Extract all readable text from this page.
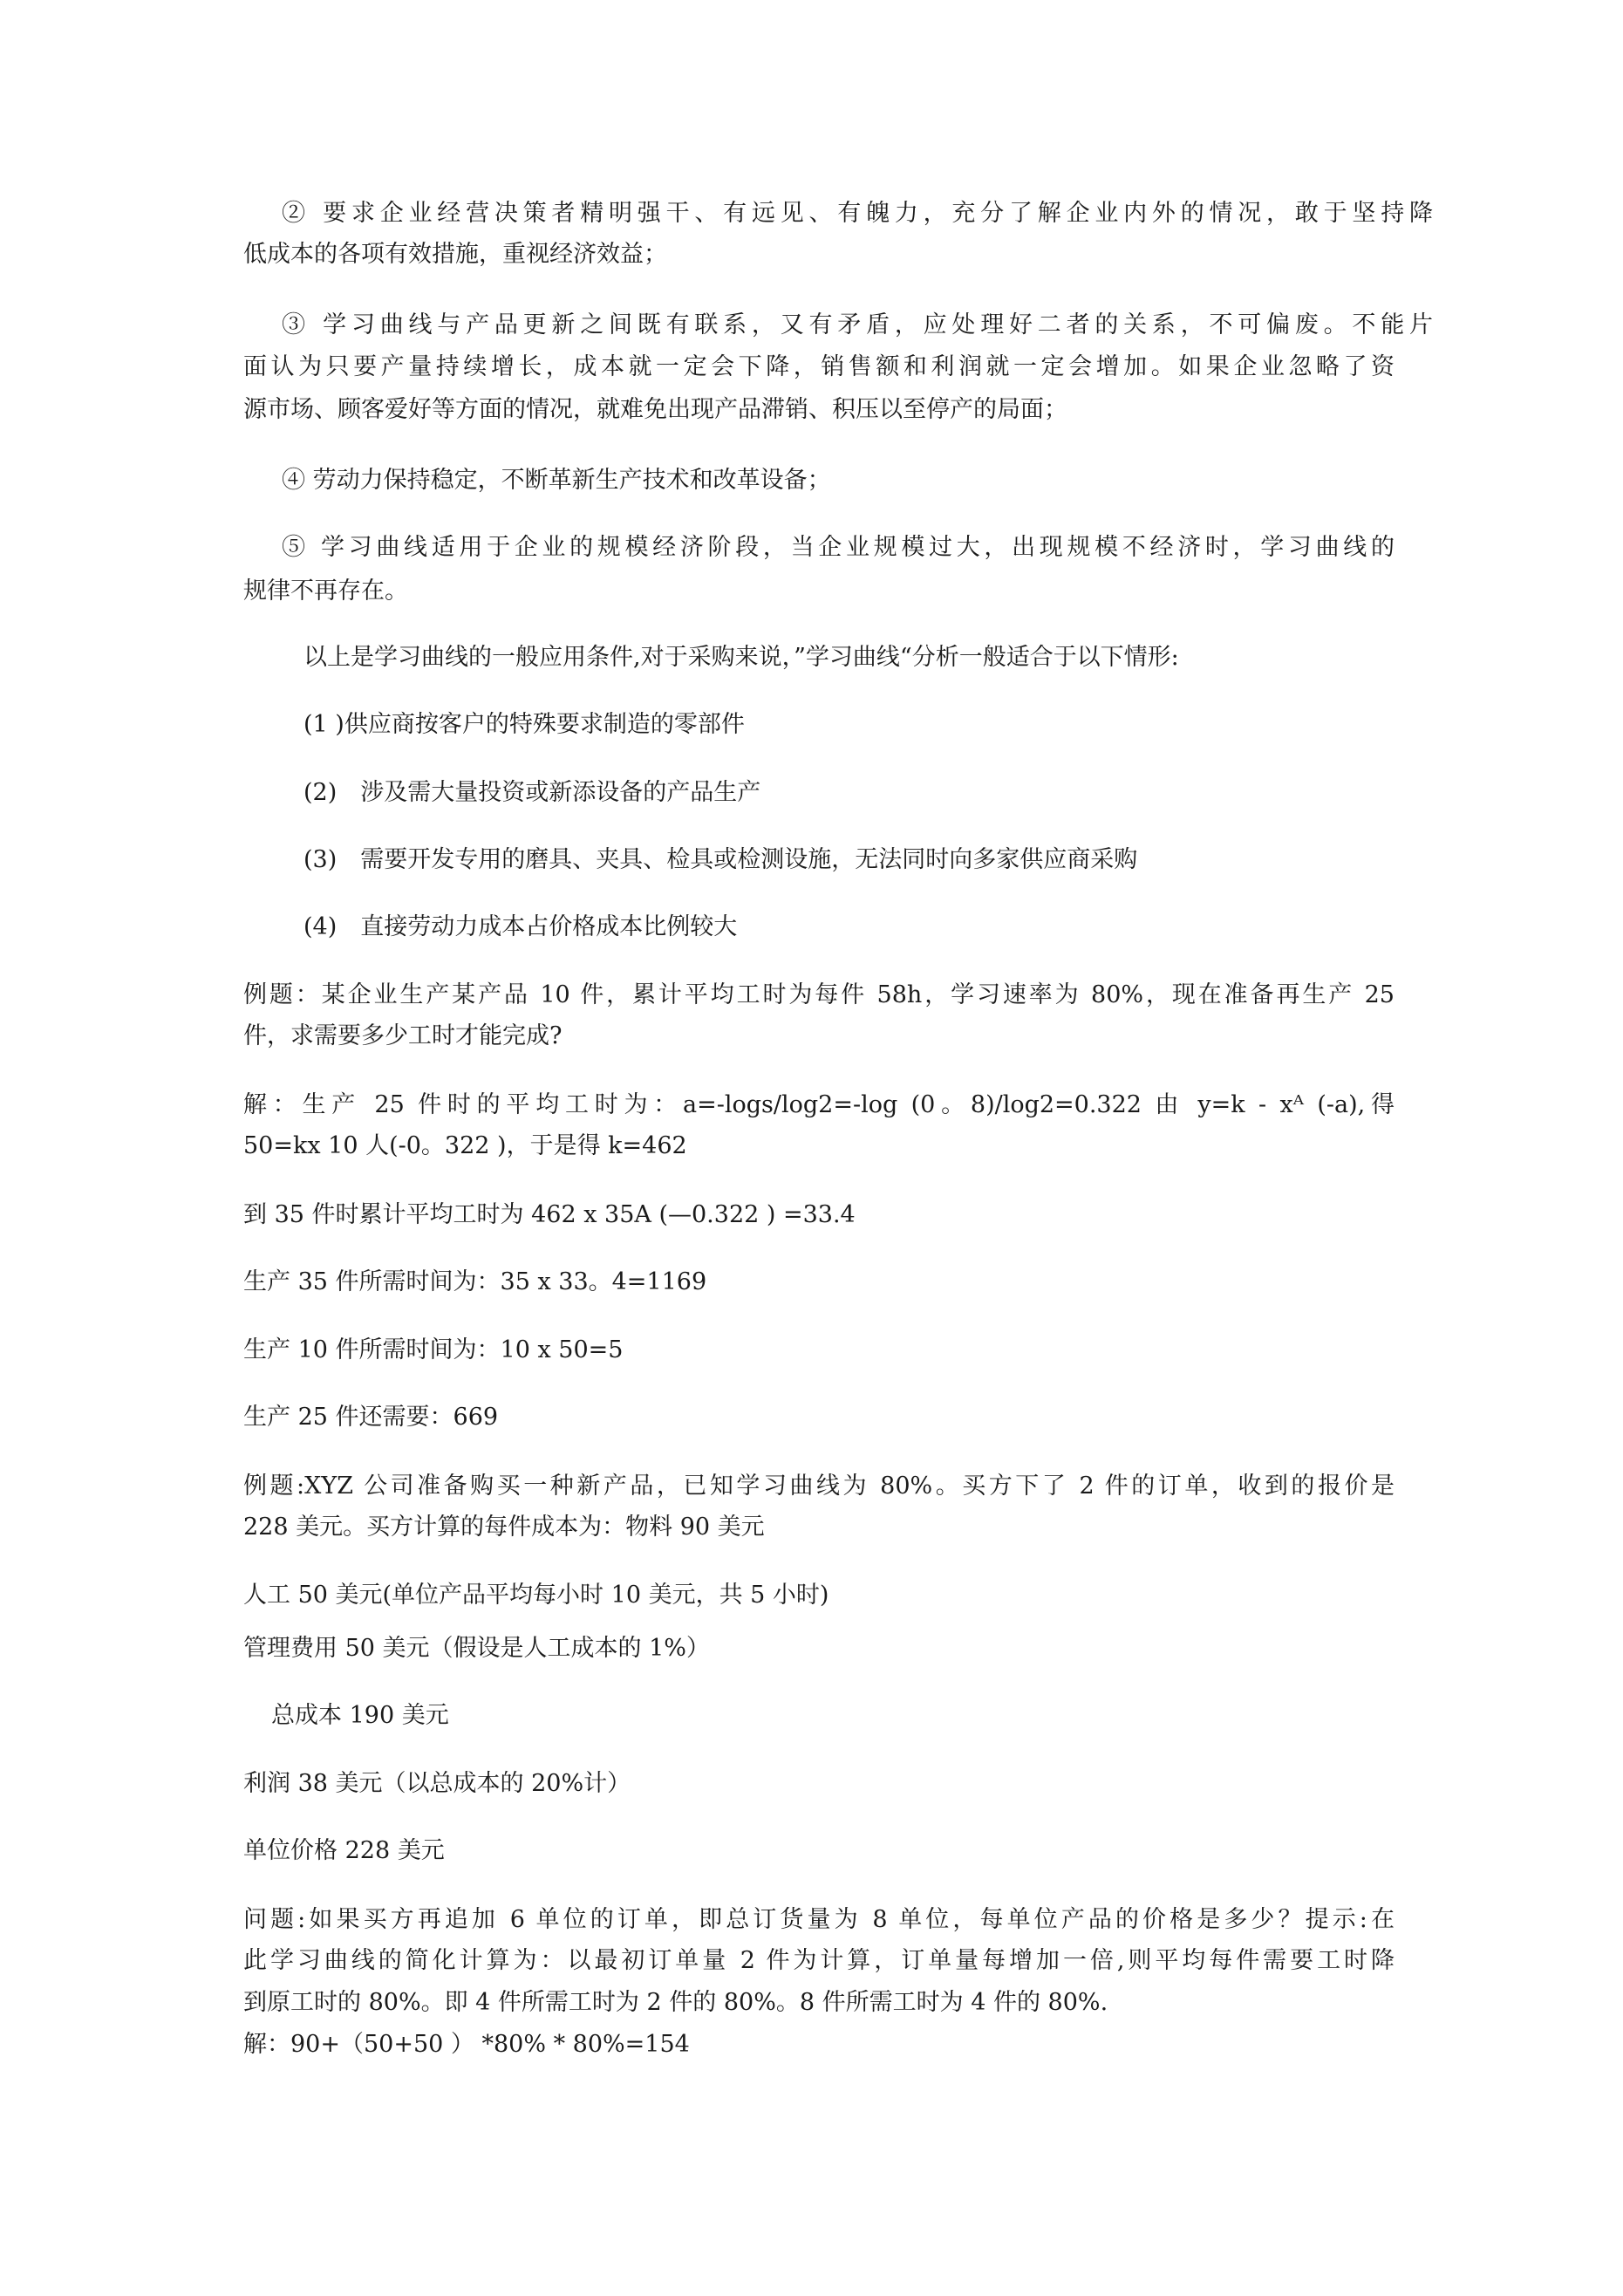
② 要求企业经营决策者精明强干、有远见、有魄力，充分了解企业内外的情况，敢于坚持降
低成本的各项有效措施，重视经济效益；
③ 学习曲线与产品更新之间既有联系，又有矛盾，应处理好二者的关系，不可偏废。不能片
面认为只要产量持续增长，成本就一定会下降，销售额和利润就一定会增加。如果企业忽略了资
源市场、顾客爱好等方面的情况，就难免出现产品滞销、积压以至停产的局面；
④ 劳动力保持稳定，不断革新生产技术和改革设备；
⑤ 学习曲线适用于企业的规模经济阶段，当企业规模过大，出现规模不经济时，学习曲线的
规律不再存在。
以上是学习曲线的一般应用条件,对于采购来说，”学习曲线“分析一般适合于以下情形:
(1 )供应商按客户的特殊要求制造的零部件
(2)　涉及需大量投资或新添设备的产品生产
(3)　需要开发专用的磨具、夹具、检具或检测设施，无法同时向多家供应商采购
(4)　直接劳动力成本占价格成本比例较大
例题：某企业生产某产品 10 件，累计平均工时为每件 58h，学习速率为 80%，现在准备再生产 25
件，求需要多少工时才能完成?
解：生产 25 件时的平均工时为：a=-logs/log2=-log (0。8)/log2=0.322 由 y=k - xᴬ (-a),得
50=kx 10 人(-0。322 )，于是得 k=462
到 35 件时累计平均工时为 462 x 35A (—0.322 ) =33.4
生产 35 件所需时间为：35 x 33。4=1169
生产 10 件所需时间为：10 x 50=5
生产 25 件还需要：669
例题:XYZ 公司准备购买一种新产品，已知学习曲线为 80%。买方下了 2 件的订单，收到的报价是
228 美元。买方计算的每件成本为：物料 90 美元
人工 50 美元(单位产品平均每小时 10 美元，共 5 小时)
管理费用 50 美元（假设是人工成本的 1%）
总成本 190 美元
利润 38 美元（以总成本的 20%计）
单位价格 228 美元
问题:如果买方再追加 6 单位的订单，即总订货量为 8 单位，每单位产品的价格是多少？提示:在
此学习曲线的简化计算为：以最初订单量 2 件为计算，订单量每增加一倍,则平均每件需要工时降
到原工时的 80%。即 4 件所需工时为 2 件的 80%。8 件所需工时为 4 件的 80%.
解：90+（50+50 ） *80% * 80%=154
